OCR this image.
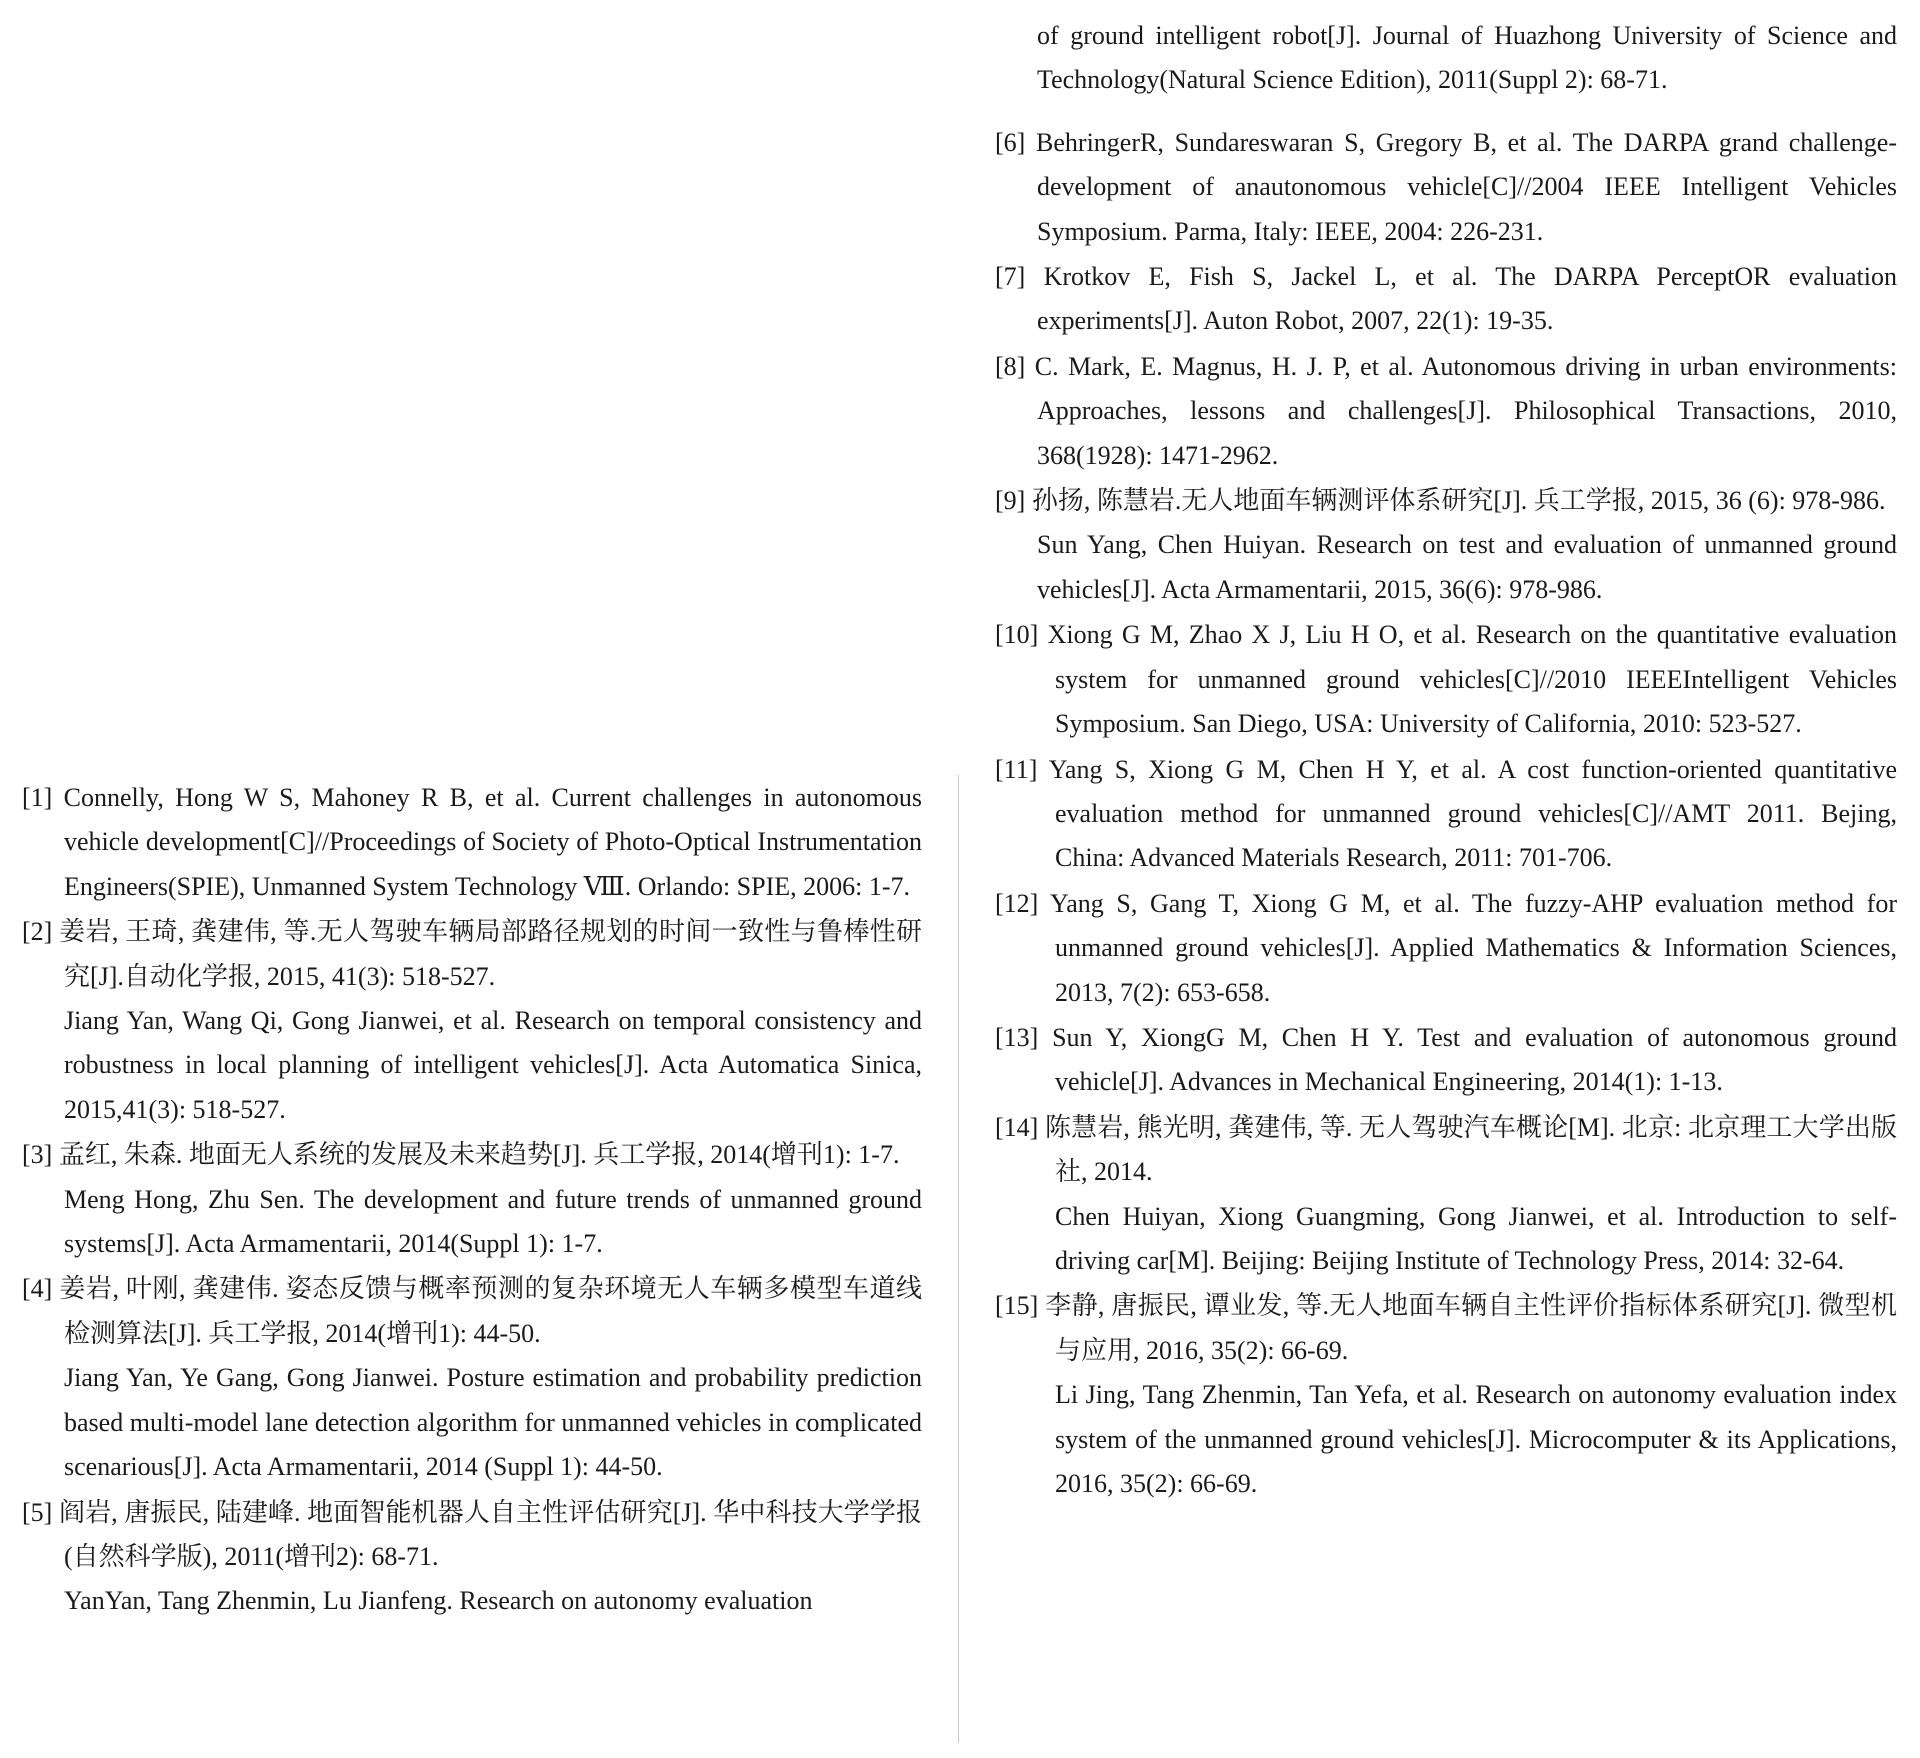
[1] Connelly, Hong W S, Mahoney R B, et al. Current challenges in autonomous vehicle development[C]//Proceedings of Society of Photo-Optical Instrumentation Engineers(SPIE), Unmanned System Technology Ⅷ. Orlando: SPIE, 2006: 1-7.
[2] 姜岩, 王琦, 龚建伟, 等.无人驾驶车辆局部路径规划的时间一致性与鲁棒性研究[J].自动化学报, 2015, 41(3): 518-527.
Jiang Yan, Wang Qi, Gong Jianwei, et al. Research on temporal consistency and robustness in local planning of intelligent vehicles[J]. Acta Automatica Sinica, 2015,41(3): 518-527.
[3] 孟红, 朱森. 地面无人系统的发展及未来趋势[J]. 兵工学报, 2014(增刊1): 1-7.
Meng Hong, Zhu Sen. The development and future trends of unmanned ground systems[J]. Acta Armamentarii, 2014(Suppl 1): 1-7.
[4] 姜岩, 叶刚, 龚建伟. 姿态反馈与概率预测的复杂环境无人车辆多模型车道线检测算法[J]. 兵工学报, 2014(增刊1): 44-50.
Jiang Yan, Ye Gang, Gong Jianwei. Posture estimation and probability prediction based multi-model lane detection algorithm for unmanned vehicles in complicated scenarious[J]. Acta Armamentarii, 2014 (Suppl 1): 44-50.
[5] 阎岩, 唐振民, 陆建峰. 地面智能机器人自主性评估研究[J]. 华中科技大学学报(自然科学版), 2011(增刊2): 68-71.
YanYan, Tang Zhenmin, Lu Jianfeng. Research on autonomy evaluation
of ground intelligent robot[J]. Journal of Huazhong University of Science and Technology(Natural Science Edition), 2011(Suppl 2): 68-71.
[6] BehringerR, Sundareswaran S, Gregory B, et al. The DARPA grand challenge-development of anautonomous vehicle[C]//2004 IEEE Intelligent Vehicles Symposium. Parma, Italy: IEEE, 2004: 226-231.
[7] Krotkov E, Fish S, Jackel L, et al. The DARPA PerceptOR evaluation experiments[J]. Auton Robot, 2007, 22(1): 19-35.
[8] C. Mark, E. Magnus, H. J. P, et al. Autonomous driving in urban environments: Approaches, lessons and challenges[J]. Philosophical Transactions, 2010, 368(1928): 1471-2962.
[9] 孙扬, 陈慧岩.无人地面车辆测评体系研究[J]. 兵工学报, 2015, 36 (6): 978-986.
Sun Yang, Chen Huiyan. Research on test and evaluation of unmanned ground vehicles[J]. Acta Armamentarii, 2015, 36(6): 978-986.
[10] Xiong G M, Zhao X J, Liu H O, et al. Research on the quantitative evaluation system for unmanned ground vehicles[C]//2010 IEEEIntelligent Vehicles Symposium. San Diego, USA: University of California, 2010: 523-527.
[11] Yang S, Xiong G M, Chen H Y, et al. A cost function-oriented quantitative evaluation method for unmanned ground vehicles[C]//AMT 2011. Bejing, China: Advanced Materials Research, 2011: 701-706.
[12] Yang S, Gang T, Xiong G M, et al. The fuzzy-AHP evaluation method for unmanned ground vehicles[J]. Applied Mathematics & Information Sciences, 2013, 7(2): 653-658.
[13] Sun Y, XiongG M, Chen H Y. Test and evaluation of autonomous ground vehicle[J]. Advances in Mechanical Engineering, 2014(1): 1-13.
[14] 陈慧岩, 熊光明, 龚建伟, 等. 无人驾驶汽车概论[M]. 北京: 北京理工大学出版社, 2014.
Chen Huiyan, Xiong Guangming, Gong Jianwei, et al. Introduction to self-driving car[M]. Beijing: Beijing Institute of Technology Press, 2014: 32-64.
[15] 李静, 唐振民, 谭业发, 等.无人地面车辆自主性评价指标体系研究[J]. 微型机与应用, 2016, 35(2): 66-69.
Li Jing, Tang Zhenmin, Tan Yefa, et al. Research on autonomy evaluation index system of the unmanned ground vehicles[J]. Microcomputer & its Applications, 2016, 35(2): 66-69.
